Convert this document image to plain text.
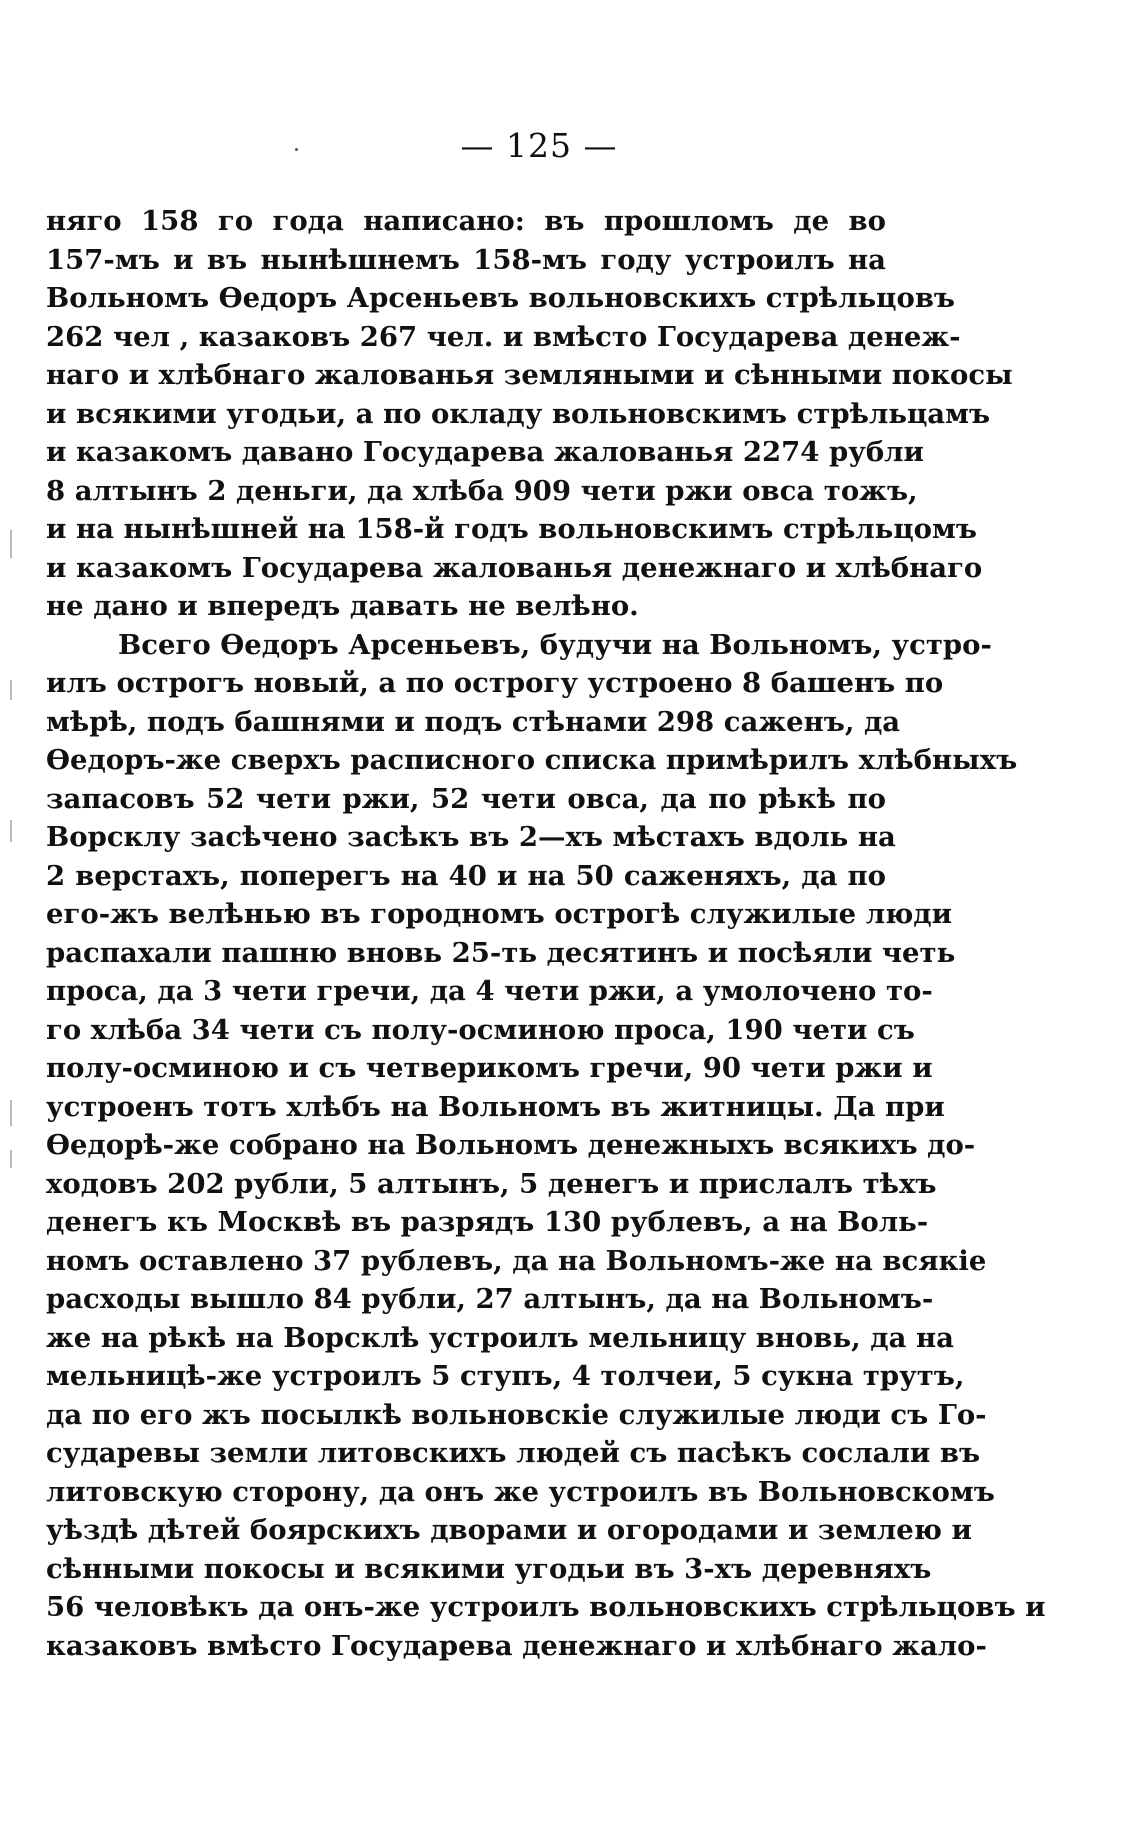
— 125 —
няго 158 го года написано: въ прошломъ де во
157-мъ и въ нынѣшнемъ 158-мъ году устроилъ на
Вольномъ Ѳедоръ Арсеньевъ вольновскихъ стрѣльцовъ
262 чел , казаковъ 267 чел. и вмѣсто Государева денеж-
наго и хлѣбнаго жалованья земляными и сѣнными покосы
и всякими угодьи, а по окладу вольновскимъ стрѣльцамъ
и казакомъ давано Государева жалованья 2274 рубли
8 алтынъ 2 деньги, да хлѣба 909 чети ржи овса тожъ,
и на нынѣшней на 158-й годъ вольновскимъ стрѣльцомъ
и казакомъ Государева жалованья денежнаго и хлѣбнаго
не дано и впередъ давать не велѣно.
Всего Ѳедоръ Арсеньевъ, будучи на Вольномъ, устро-
илъ острогъ новый, а по острогу устроено 8 башенъ по
мѣрѣ, подъ башнями и подъ стѣнами 298 саженъ, да
Ѳедоръ-же сверхъ расписного списка примѣрилъ хлѣбныхъ
запасовъ 52 чети ржи, 52 чети овса, да по рѣкѣ по
Ворсклу засѣчено засѣкъ въ 2—хъ мѣстахъ вдоль на
2 верстахъ, поперегъ на 40 и на 50 саженяхъ, да по
его-жъ велѣнью въ городномъ острогѣ служилые люди
распахали пашню вновь 25-ть десятинъ и посѣяли четь
проса, да 3 чети гречи, да 4 чети ржи, а умолочено то-
го хлѣба 34 чети съ полу-осминою проса, 190 чети съ
полу-осминою и съ четверикомъ гречи, 90 чети ржи и
устроенъ тотъ хлѣбъ на Вольномъ въ житницы. Да при
Ѳедорѣ-же собрано на Вольномъ денежныхъ всякихъ до-
ходовъ 202 рубли, 5 алтынъ, 5 денегъ и прислалъ тѣхъ
денегъ къ Москвѣ въ разрядъ 130 рублевъ, а на Воль-
номъ оставлено 37 рублевъ, да на Вольномъ-же на всякіе
расходы вышло 84 рубли, 27 алтынъ, да на Вольномъ-
же на рѣкѣ на Ворсклѣ устроилъ мельницу вновь, да на
мельницѣ-же устроилъ 5 ступъ, 4 толчеи, 5 сукна трутъ,
да по его жъ посылкѣ вольновскіе служилые люди съ Го-
сударевы земли литовскихъ людей съ пасѣкъ сослали въ
литовскую сторону, да онъ же устроилъ въ Вольновскомъ
уѣздѣ дѣтей боярскихъ дворами и огородами и землею и
сѣнными покосы и всякими угодьи въ 3-хъ деревняхъ
56 человѣкъ да онъ-же устроилъ вольновскихъ стрѣльцовъ и
казаковъ вмѣсто Государева денежнаго и хлѣбнаго жало-
